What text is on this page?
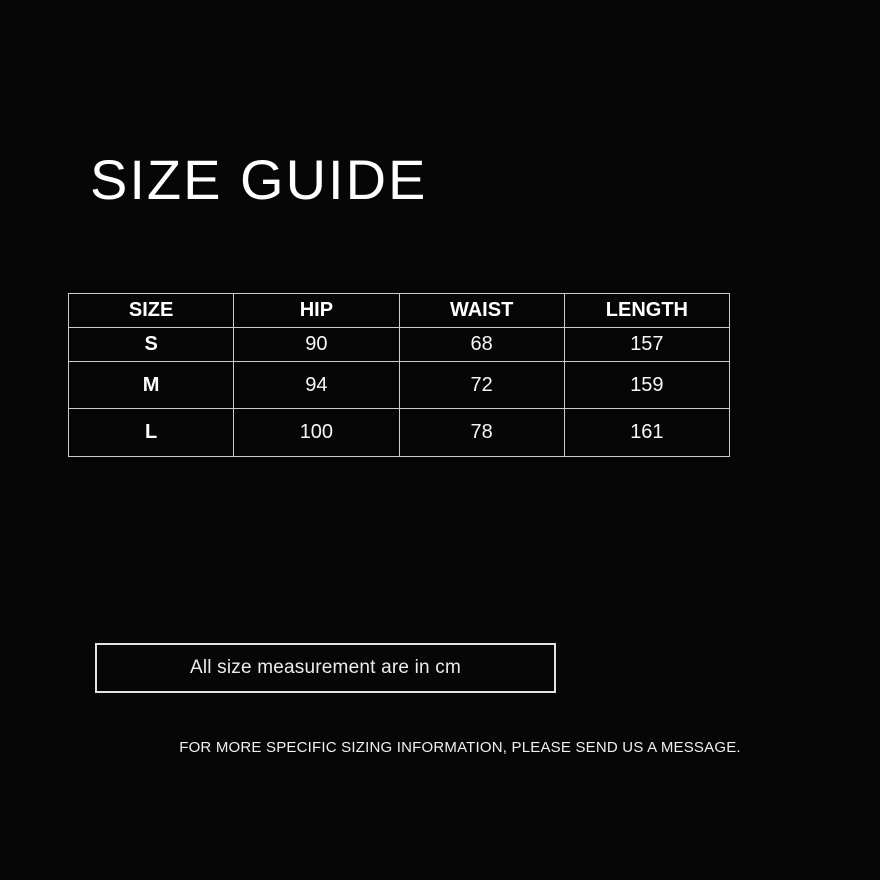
SIZE GUIDE
SIZE	HIP	WAIST	LENGTH
S	90	68	157
M	94	72	159
L	100	78	161
All size measurement are in cm
FOR MORE SPECIFIC SIZING INFORMATION, PLEASE SEND US A MESSAGE.
